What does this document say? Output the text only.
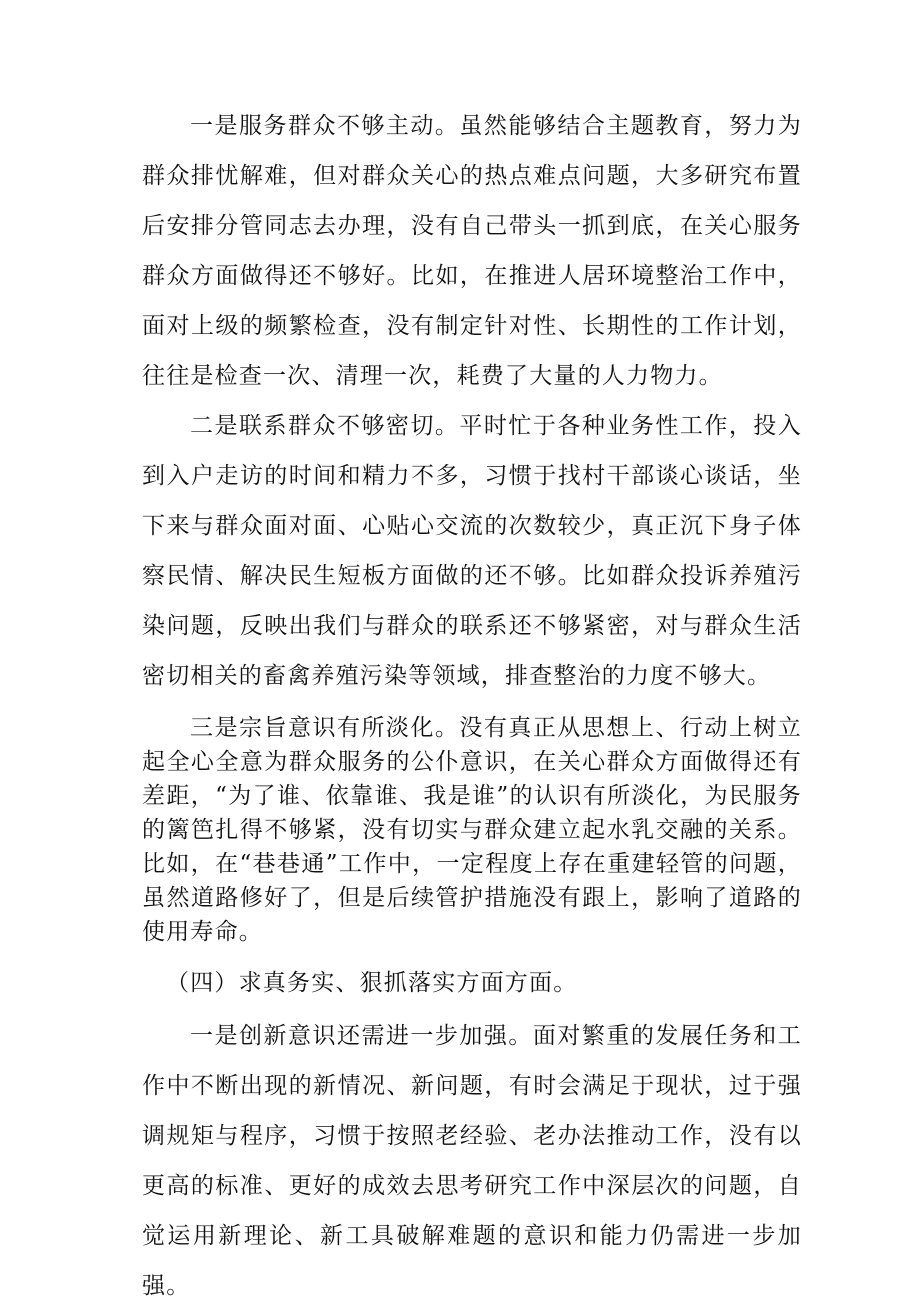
一是服务群众不够主动。虽然能够结合主题教育，努力为群众排忧解难，但对群众关心的热点难点问题，大多研究布置后安排分管同志去办理，没有自己带头一抓到底，在关心服务群众方面做得还不够好。比如，在推进人居环境整治工作中，面对上级的频繁检查，没有制定针对性、长期性的工作计划，往往是检查一次、清理一次，耗费了大量的人力物力。

二是联系群众不够密切。平时忙于各种业务性工作，投入到入户走访的时间和精力不多，习惯于找村干部谈心谈话，坐下来与群众面对面、心贴心交流的次数较少，真正沉下身子体察民情、解决民生短板方面做的还不够。比如群众投诉养殖污染问题，反映出我们与群众的联系还不够紧密，对与群众生活密切相关的畜禽养殖污染等领域，排查整治的力度不够大。

三是宗旨意识有所淡化。没有真正从思想上、行动上树立起全心全意为群众服务的公仆意识，在关心群众方面做得还有差距，“为了谁、依靠谁、我是谁”的认识有所淡化，为民服务的篱笆扎得不够紧，没有切实与群众建立起水乳交融的关系。比如，在“巷巷通”工作中，一定程度上存在重建轻管的问题，虽然道路修好了，但是后续管护措施没有跟上，影响了道路的使用寿命。

（四）求真务实、狠抓落实方面方面。

一是创新意识还需进一步加强。面对繁重的发展任务和工作中不断出现的新情况、新问题，有时会满足于现状，过于强调规矩与程序，习惯于按照老经验、老办法推动工作，没有以更高的标准、更好的成效去思考研究工作中深层次的问题，自觉运用新理论、新工具破解难题的意识和能力仍需进一步加强。
